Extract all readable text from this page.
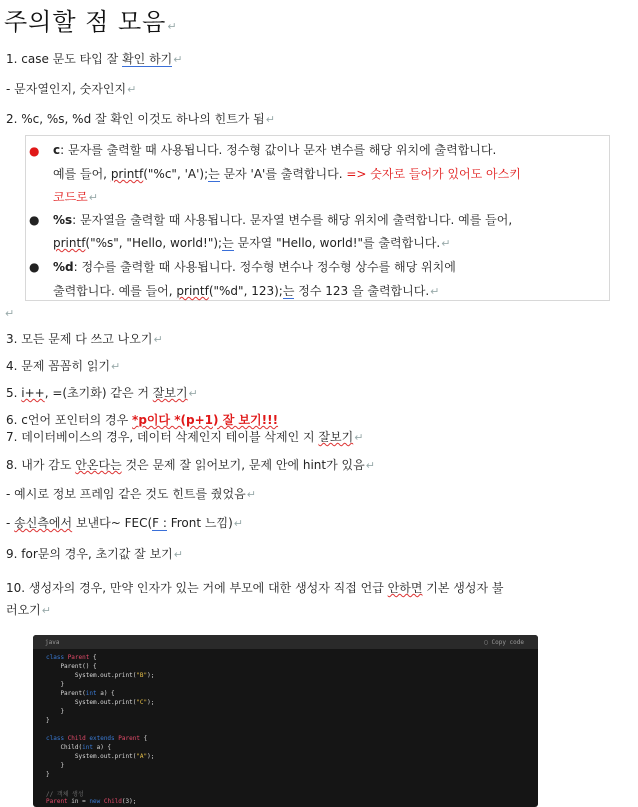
주의할 점 모음↵
1. case 문도 타입 잘 확인 하기↵
- 문자열인지, 숫자인지↵
2. %c, %s, %d 잘 확인 이것도 하나의 힌트가 됨↵
● c: 문자를 출력할 때 사용됩니다. 정수형 값이나 문자 변수를 해당 위치에 출력합니다.
예를 들어, printf("%c", 'A');는 문자 'A'를 출력합니다. => 숫자로 들어가 있어도 아스키
코드로↵
● %s: 문자열을 출력할 때 사용됩니다. 문자열 변수를 해당 위치에 출력합니다. 예를 들어,
printf("%s", "Hello, world!");는 문자열 "Hello, world!"를 출력합니다.↵
● %d: 정수를 출력할 때 사용됩니다. 정수형 변수나 정수형 상수를 해당 위치에
출력합니다. 예를 들어, printf("%d", 123);는 정수 123 을 출력합니다.↵
↵
3. 모든 문제 다 쓰고 나오기↵
4. 문제 꼼꼼히 읽기↵
5. i++, =(초기화) 같은 거 잘보기↵
6. c언어 포인터의 경우 *p이다 *(p+1) 잘 보기!!!
7. 데이터베이스의 경우, 데이터 삭제인지 테이블 삭제인 지 잘보기↵
8. 내가 감도 안온다는 것은 문제 잘 읽어보기, 문제 안에 hint가 있음↵
- 예시로 정보 프레임 같은 것도 힌트를 줬었음↵
- 송신측에서 보낸다~ FEC(F : Front 느낌)↵
9. for문의 경우, 초기값 잘 보기↵
10. 생성자의 경우, 만약 인자가 있는 거에 부모에 대한 생성자 직접 언급 안하면 기본 생성자 불
러오기↵
java	▢ Copy code
class Parent {
Parent() {
System.out.print("B");
}
Parent(int a) {
System.out.print("C");
}
}
class Child extends Parent {
Child(int a) {
System.out.print("A");
}
}
// 객체 생성
Parent in = new Child(3);
